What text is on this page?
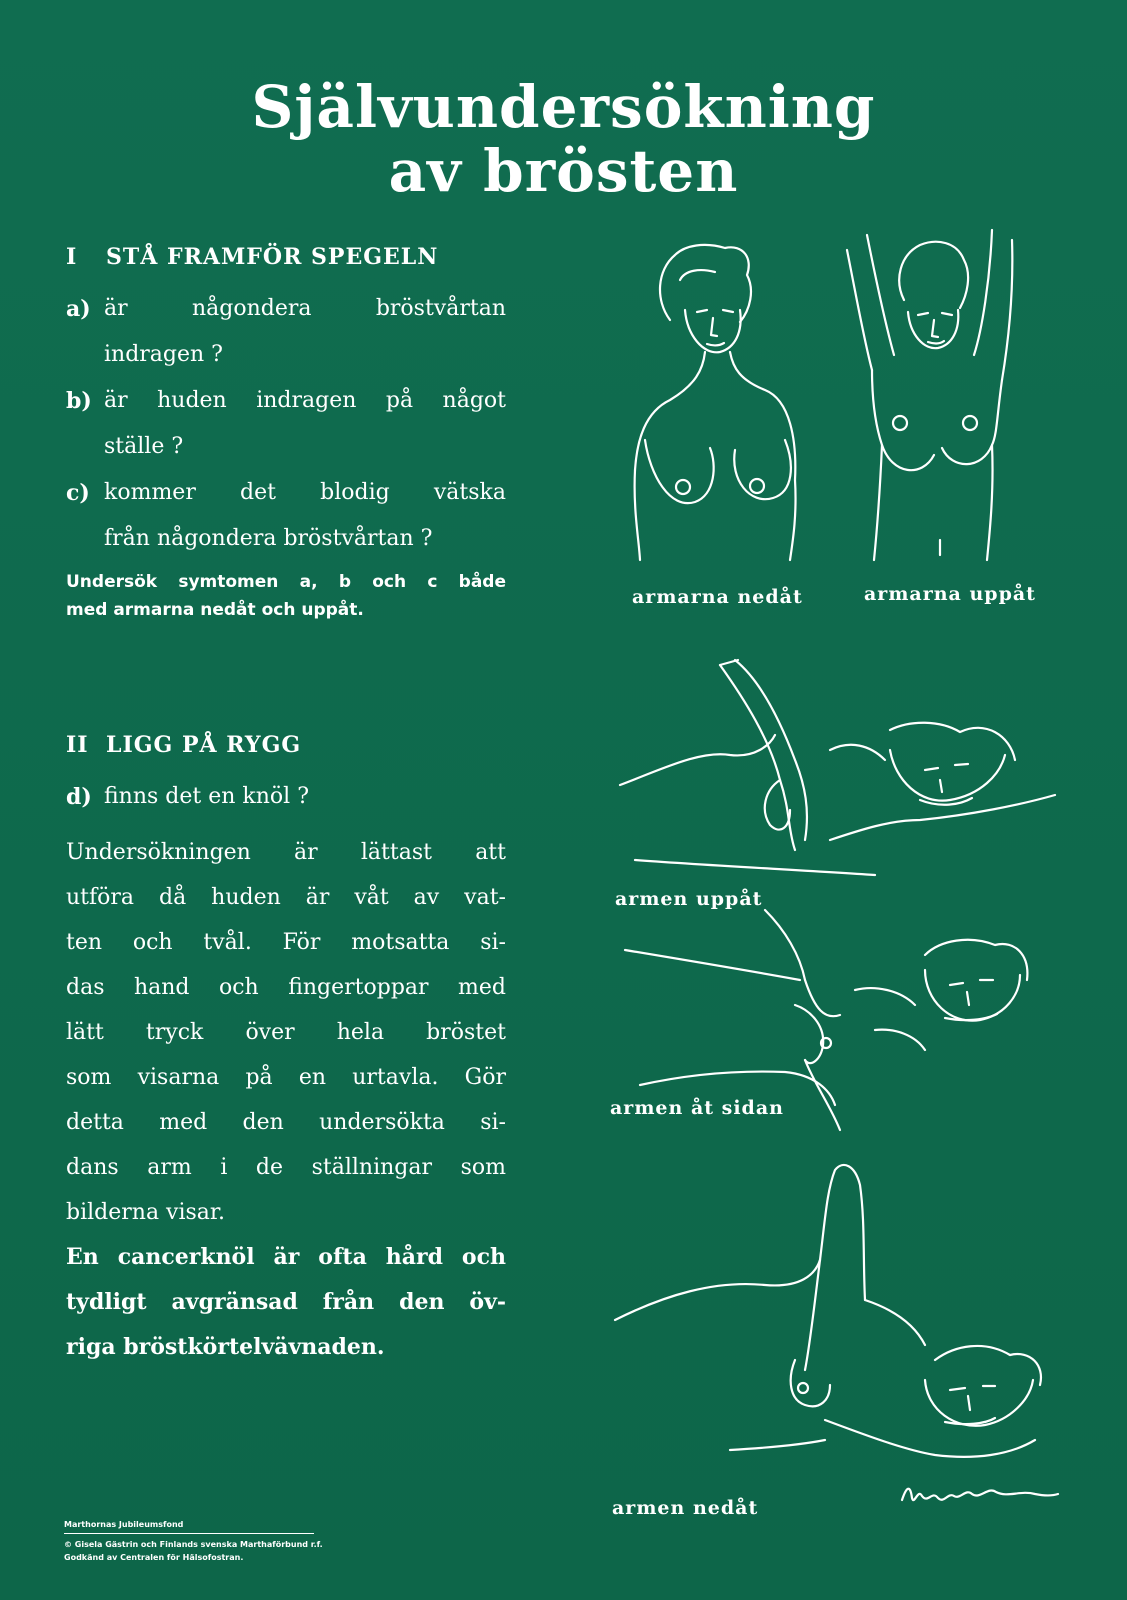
Självundersökning
av brösten
I STÅ FRAMFÖR SPEGELN
a) är någondera bröstvårtan
indragen ?
b) är huden indragen på något
ställe ?
c) kommer det blodig vätska
från någondera bröstvårtan ?
Undersök symtomen a, b och c både
med armarna nedåt och uppåt.
II LIGG PÅ RYGG
d) finns det en knöl ?
Undersökningen är lättast att
utföra då huden är våt av vat-
ten och tvål. För motsatta si-
das hand och fingertoppar med
lätt tryck över hela bröstet
som visarna på en urtavla. Gör
detta med den undersökta si-
dans arm i de ställningar som
bilderna visar.
En cancerknöl är ofta hård och
tydligt avgränsad från den öv-
riga bröstkörtelvävnaden.
armarna nedåt	armarna uppåt
armen uppåt
armen åt sidan
armen nedåt
Marthornas Jubileumsfond
© Gisela Gästrin och Finlands svenska Marthaförbund r.f.
Godkänd av Centralen för Hälsofostran.
